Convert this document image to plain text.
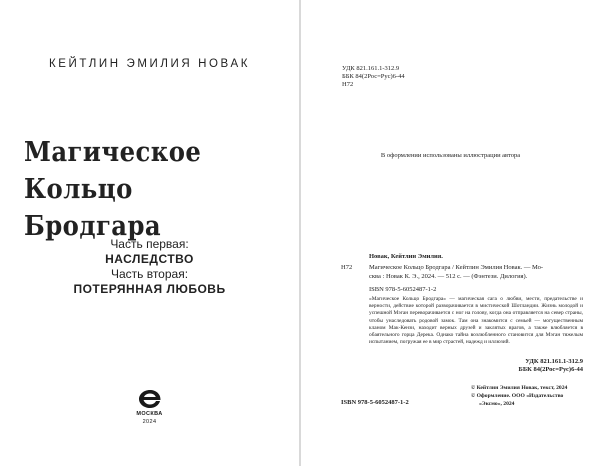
КЕЙТЛИН ЭМИЛИЯ НОВАК
Магическое Кольцо
Бродгара
Часть первая:
НАСЛЕДСТВО
Часть вторая:
ПОТЕРЯННАЯ ЛЮБОВЬ
МОСКВА
2024
УДК 821.161.1-312.9
ББК 84(2Рос=Рус)6-44
Н72
В оформлении использованы иллюстрации автора
Новак, Кейтлин Эмилия.
Н72	Магическое Кольцо Бродгара / Кейтлин Эмилия Новак. — Мо-
сква : Новак К. Э., 2024. — 512 с. — (Фэнтези. Дилогия).
ISBN 978-5-6052487-1-2
«Магическое Кольцо Бродгара» — магическая сага о любви, мести, предательстве и верности, действие которой разворачивается в мистической Шотландии. Жизнь молодой и успешной Мэган переворачивается с ног на голову, когда она отправляется на север страны, чтобы унаследовать родовой замок. Там она знакомится с семьей — могущественным кланом Мак-Кензи, находит верных друзей и заклятых врагов, а также влюбляется в обаятельного горца Дерека. Однако тайна возлюбленного становится для Мэган тяжелым испытанием, погружая ее в мир страстей, надежд и иллюзий.
УДК 821.161.1-312.9
ББК 84(2Рос=Рус)6-44
ISBN 978-5-6052487-1-2
© Кейтлин Эмилия Новак, текст, 2024
© Оформление. ООО «Издательство
«Эксмо», 2024
